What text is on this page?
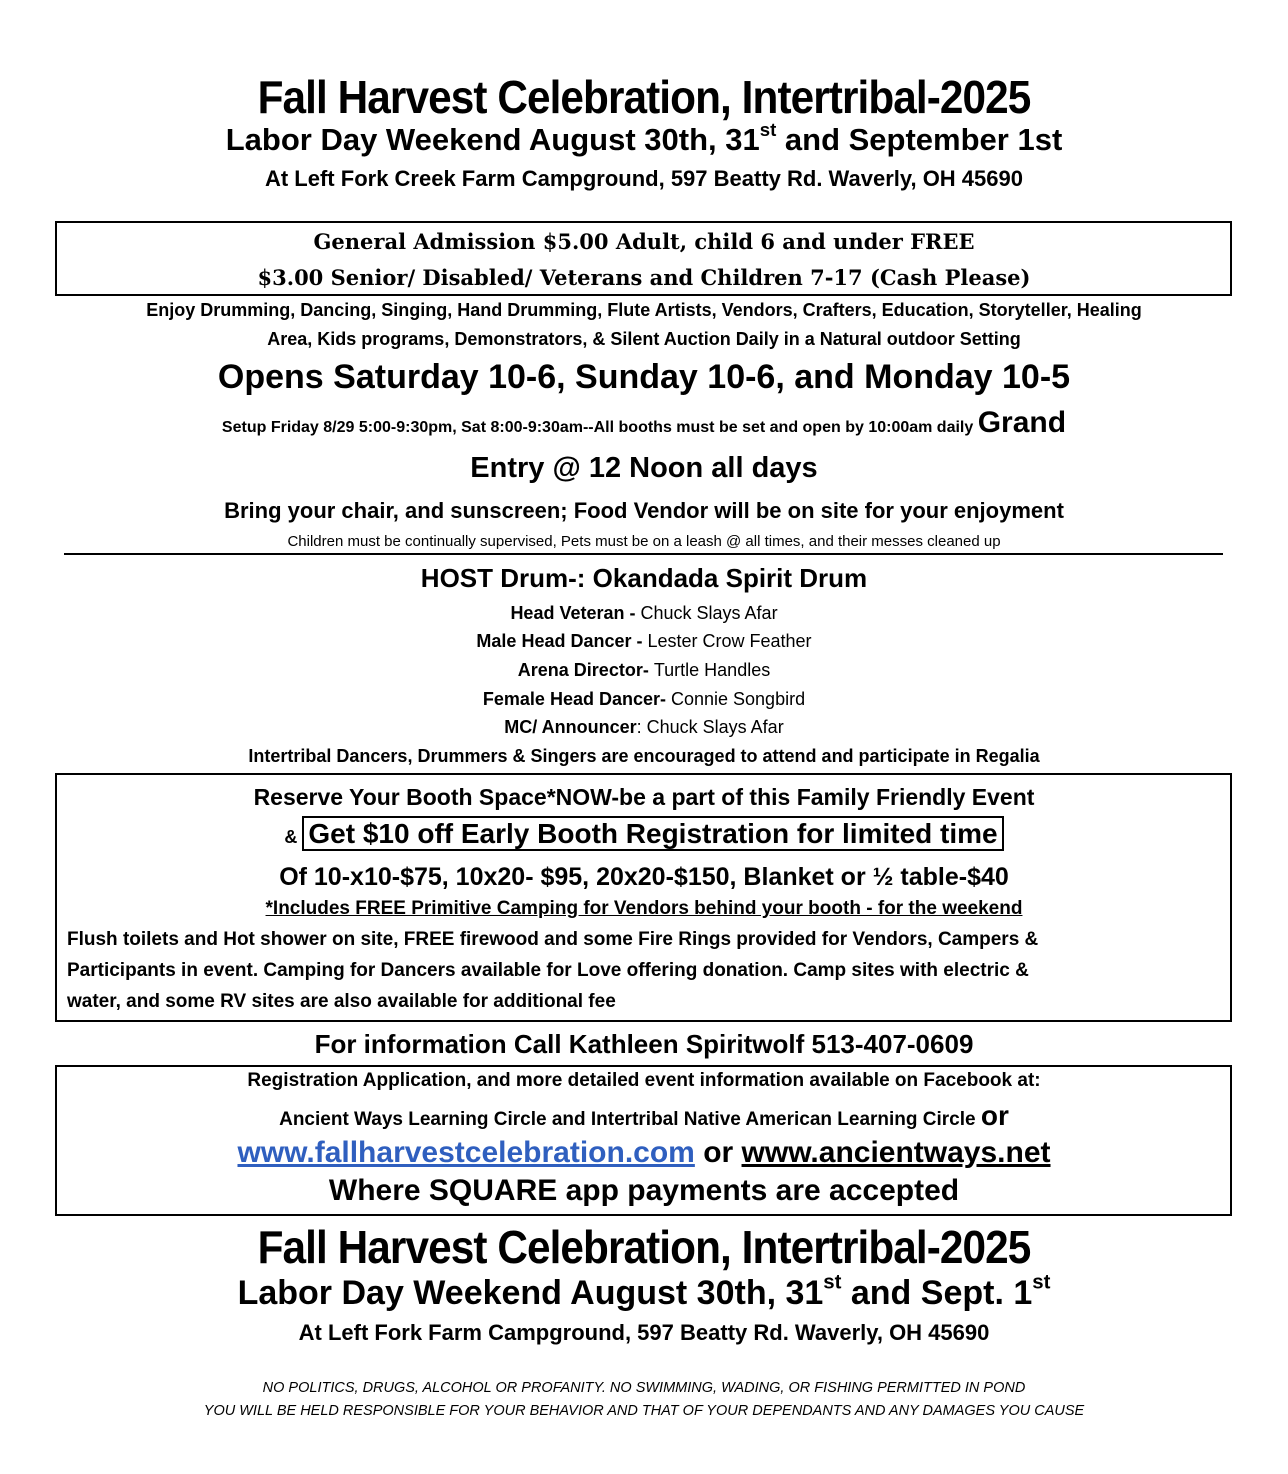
Fall Harvest Celebration, Intertribal-2025
Labor Day Weekend August 30th, 31st and September 1st
At Left Fork Creek Farm Campground, 597 Beatty Rd. Waverly, OH 45690
General Admission $5.00 Adult, child 6 and under FREE
$3.00 Senior/ Disabled/ Veterans and Children 7-17 (Cash Please)
Enjoy Drumming, Dancing, Singing, Hand Drumming, Flute Artists, Vendors, Crafters, Education, Storyteller, Healing
Area, Kids programs, Demonstrators, & Silent Auction Daily in a Natural outdoor Setting
Opens Saturday 10-6, Sunday 10-6, and Monday 10-5
Setup Friday 8/29 5:00-9:30pm, Sat 8:00-9:30am--All booths must be set and open by 10:00am daily Grand
Entry @ 12 Noon all days
Bring your chair, and sunscreen; Food Vendor will be on site for your enjoyment
Children must be continually supervised, Pets must be on a leash @ all times, and their messes cleaned up
HOST Drum-: Okandada Spirit Drum
Head Veteran - Chuck Slays Afar
Male Head Dancer - Lester Crow Feather
Arena Director- Turtle Handles
Female Head Dancer- Connie Songbird
MC/ Announcer: Chuck Slays Afar
Intertribal Dancers, Drummers & Singers are encouraged to attend and participate in Regalia
Reserve Your Booth Space*NOW-be a part of this Family Friendly Event
& Get $10 off Early Booth Registration for limited time
Of 10-x10-$75, 10x20- $95, 20x20-$150, Blanket or ½ table-$40
*Includes FREE Primitive Camping for Vendors behind your booth - for the weekend
Flush toilets and Hot shower on site, FREE firewood and some Fire Rings provided for Vendors, Campers &
Participants in event. Camping for Dancers available for Love offering donation. Camp sites with electric &
water, and some RV sites are also available for additional fee
For information Call Kathleen Spiritwolf 513-407-0609
Registration Application, and more detailed event information available on Facebook at:
Ancient Ways Learning Circle and Intertribal Native American Learning Circle or
www.fallharvestcelebration.com or www.ancientways.net
Where SQUARE app payments are accepted
Fall Harvest Celebration, Intertribal-2025
Labor Day Weekend August 30th, 31st and Sept. 1st
At Left Fork Farm Campground, 597 Beatty Rd. Waverly, OH 45690
NO POLITICS, DRUGS, ALCOHOL OR PROFANITY. NO SWIMMING, WADING, OR FISHING PERMITTED IN POND
YOU WILL BE HELD RESPONSIBLE FOR YOUR BEHAVIOR AND THAT OF YOUR DEPENDANTS AND ANY DAMAGES YOU CAUSE
